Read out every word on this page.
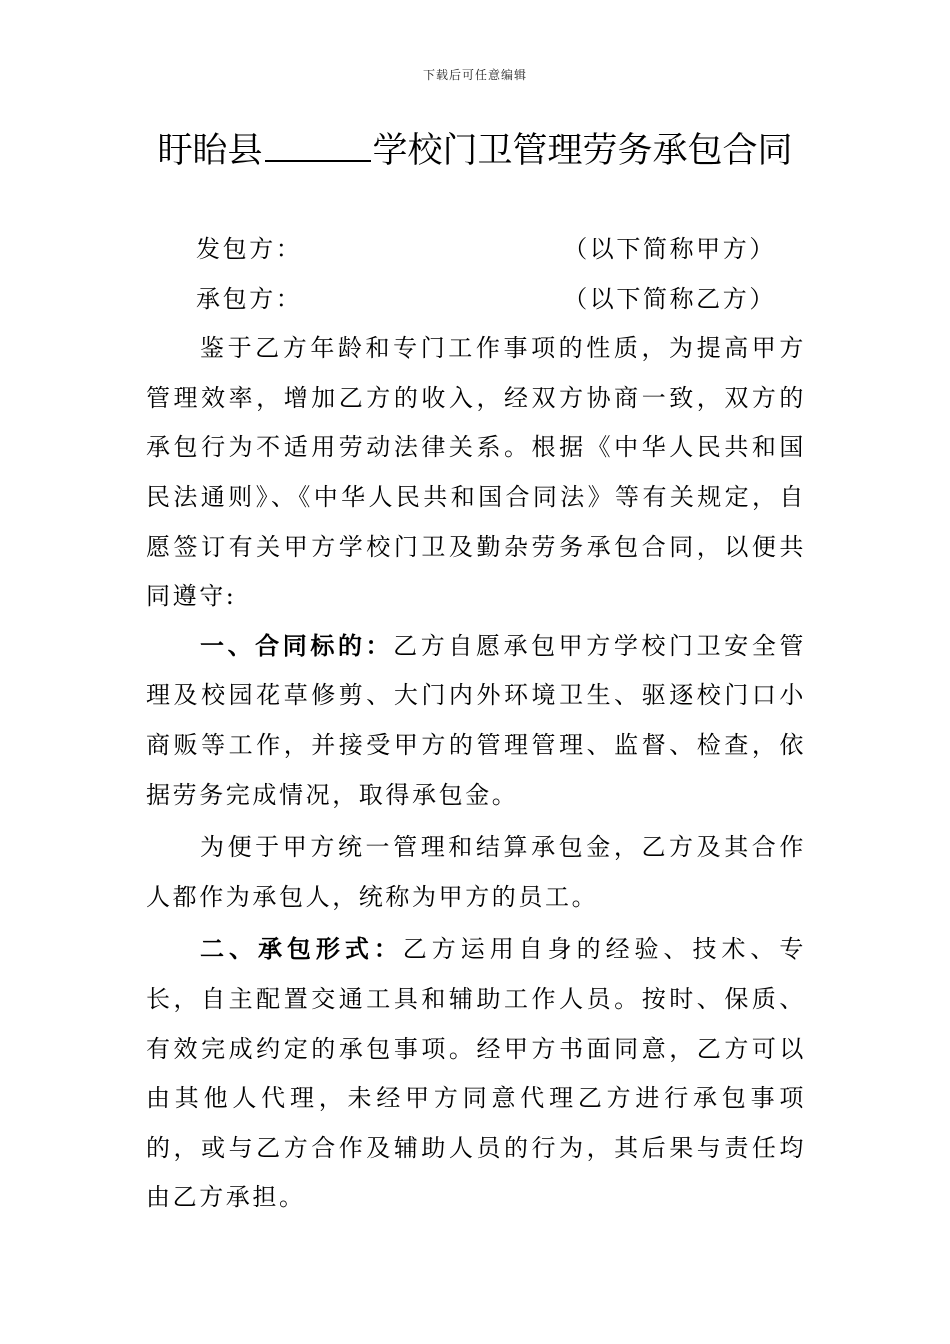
下载后可任意编辑
盱眙县	学校门卫管理劳务承包合同
发包方：	（以下简称甲方）
承包方：	（以下简称乙方）

鉴于乙方年龄和专门工作事项的性质，为提高甲方管理效率，增加乙方的收入，经双方协商一致，双方的承包行为不适用劳动法律关系。根据《中华人民共和国民法通则》、《中华人民共和国合同法》等有关规定，自愿签订有关甲方学校门卫及勤杂劳务承包合同，以便共同遵守:

一、合同标的：乙方自愿承包甲方学校门卫安全管理及校园花草修剪、大门内外环境卫生、驱逐校门口小商贩等工作，并接受甲方的管理管理、监督、检查，依据劳务完成情况，取得承包金。

为便于甲方统一管理和结算承包金，乙方及其合作人都作为承包人，统称为甲方的员工。

二、承包形式：乙方运用自身的经验、技术、专长，自主配置交通工具和辅助工作人员。按时、保质、有效完成约定的承包事项。经甲方书面同意，乙方可以由其他人代理，未经甲方同意代理乙方进行承包事项的，或与乙方合作及辅助人员的行为，其后果与责任均由乙方承担。
